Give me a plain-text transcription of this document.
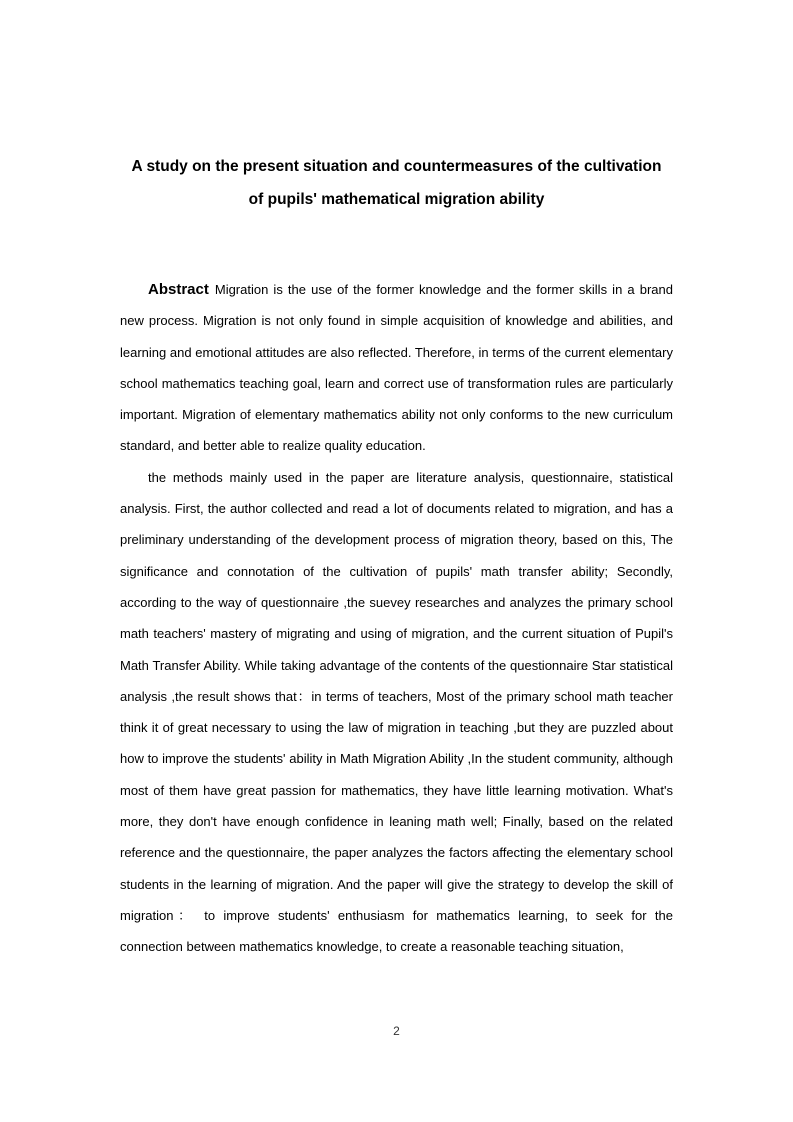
A study on the present situation and countermeasures of the cultivation
of pupils' mathematical migration ability

Abstract Migration is the use of the former knowledge and the former skills in a brand new process. Migration is not only found in simple acquisition of knowledge and abilities, and learning and emotional attitudes are also reflected. Therefore, in terms of the current elementary school mathematics teaching goal, learn and correct use of transformation rules are particularly important. Migration of elementary mathematics ability not only conforms to the new curriculum standard, and better able to realize quality education.

the methods mainly used in the paper are literature analysis, questionnaire, statistical analysis. First, the author collected and read a lot of documents related to migration, and has a preliminary understanding of the development process of migration theory, based on this, The significance and connotation of the cultivation of pupils' math transfer ability; Secondly, according to the way of questionnaire ,the suevey researches and analyzes the primary school math teachers' mastery of migrating and using of migration, and the current situation of Pupil's Math Transfer Ability. While taking advantage of the contents of the questionnaire Star statistical analysis ,the result shows that：in terms of teachers, Most of the primary school math teacher think it of great necessary to using the law of migration in teaching ,but they are puzzled about how to improve the students' ability in Math Migration Ability ,In the student community, although most of them have great passion for mathematics, they have little learning motivation. What's more, they don't have enough confidence in leaning math well; Finally, based on the related reference and the questionnaire, the paper analyzes the factors affecting the elementary school students in the learning of migration. And the paper will give the strategy to develop the skill of migration： to improve students' enthusiasm for mathematics learning, to seek for the connection between mathematics knowledge, to create a reasonable teaching situation,

2
